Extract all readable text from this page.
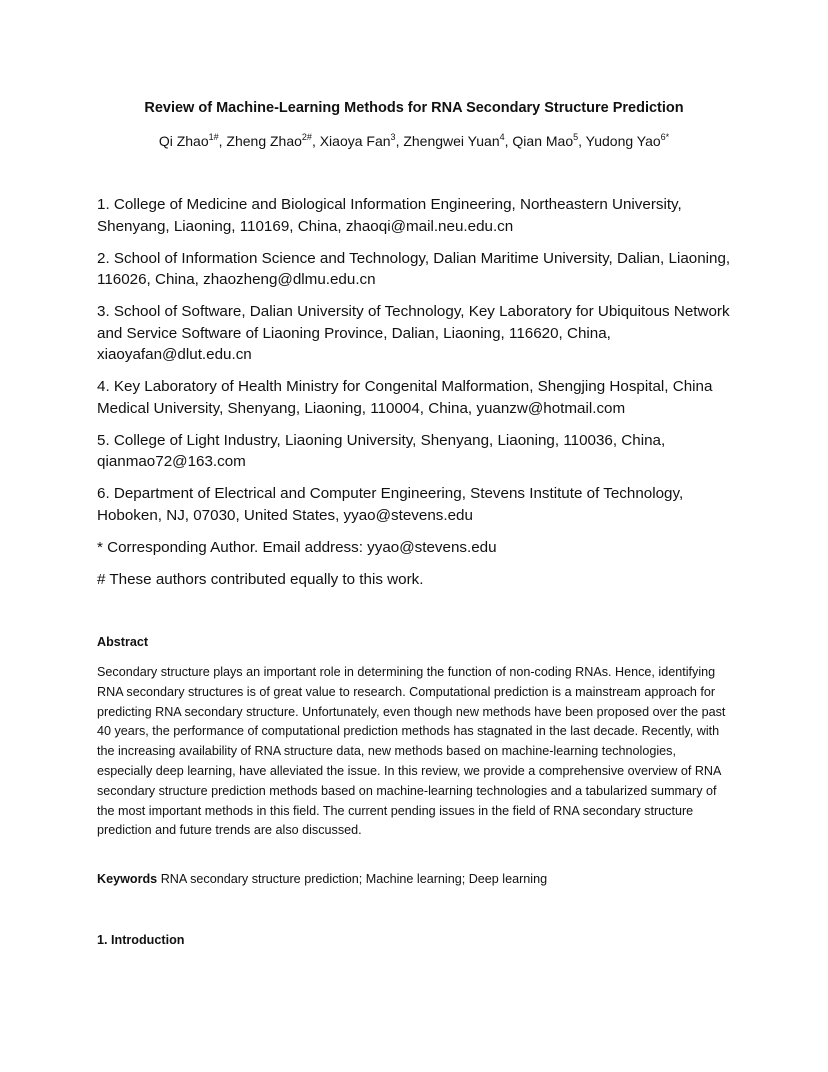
Review of Machine-Learning Methods for RNA Secondary Structure Prediction
Qi Zhao$^{1\#}$, Zheng Zhao$^{2\#}$, Xiaoya Fan$^3$, Zhengwei Yuan$^4$, Qian Mao$^5$, Yudong Yao$^{6*}$

1. College of Medicine and Biological Information Engineering, Northeastern University, Shenyang, Liaoning, 110169, China, zhaoqi@mail.neu.edu.cn

2. School of Information Science and Technology, Dalian Maritime University, Dalian, Liaoning, 116026, China, zhaozheng@dlmu.edu.cn

3. School of Software, Dalian University of Technology, Key Laboratory for Ubiquitous Network and Service Software of Liaoning Province, Dalian, Liaoning, 116620, China, xiaoyafan@dlut.edu.cn

4. Key Laboratory of Health Ministry for Congenital Malformation, Shengjing Hospital, China Medical University, Shenyang, Liaoning, 110004, China, yuanzw@hotmail.com

5. College of Light Industry, Liaoning University, Shenyang, Liaoning, 110036, China, qianmao72@163.com

6. Department of Electrical and Computer Engineering, Stevens Institute of Technology, Hoboken, NJ, 07030, United States, yyao@stevens.edu

* Corresponding Author. Email address: yyao@stevens.edu

# These authors contributed equally to this work.

Abstract
Secondary structure plays an important role in determining the function of non-coding RNAs. Hence, identifying RNA secondary structures is of great value to research. Computational prediction is a mainstream approach for predicting RNA secondary structure. Unfortunately, even though new methods have been proposed over the past 40 years, the performance of computational prediction methods has stagnated in the last decade. Recently, with the increasing availability of RNA structure data, new methods based on machine-learning technologies, especially deep learning, have alleviated the issue. In this review, we provide a comprehensive overview of RNA secondary structure prediction methods based on machine-learning technologies and a tabularized summary of the most important methods in this field. The current pending issues in the field of RNA secondary structure prediction and future trends are also discussed.
Keywords RNA secondary structure prediction; Machine learning; Deep learning
1. Introduction
